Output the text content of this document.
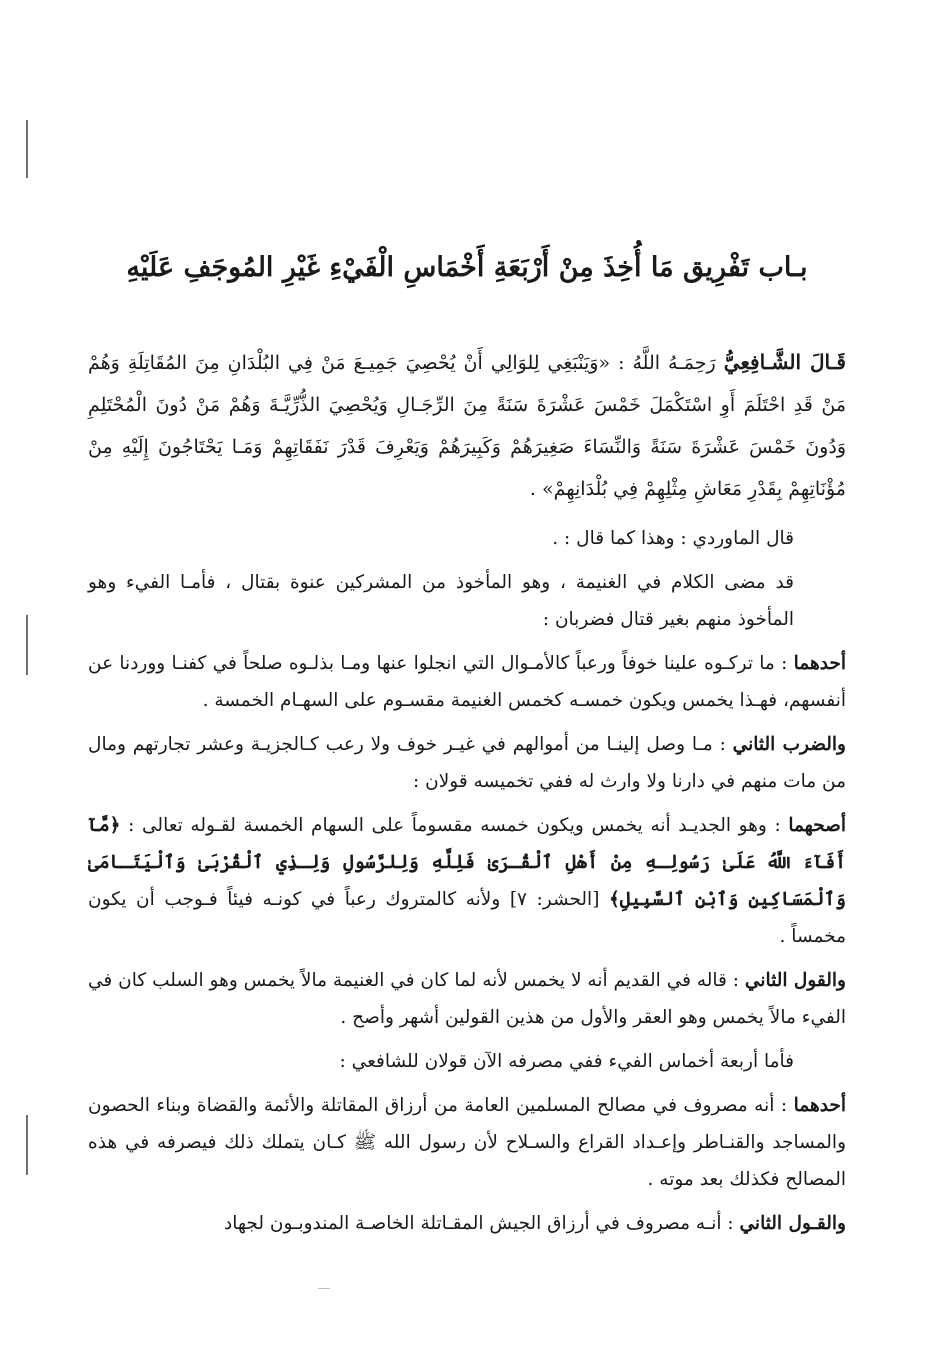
بـاب تَفْرِيق مَا أُخِذَ مِنْ أَرْبَعَةِ أَخْمَاسِ الْفَيْءِ غَيْرِ المُوجَفِ عَلَيْهِ

قَـالَ الشَّـافِعِيُّ رَحِمَـهُ اللَّهُ : «وَيَنْبَغِي لِلوَالِي أَنْ يُحْصِيَ جَمِيـعَ مَنْ فِي البُلْدَانِ مِنَ المُقَاتِلَةِ وَهُمْ مَنْ قَدِ احْتَلَمَ أَوِ اسْتَكْمَلَ خَمْسَ عَشْرَةَ سَنَةً مِنَ الرِّجَـالِ وَيُحْصِيَ الذُّرِّيَّـةَ وَهُمْ مَنْ دُونَ الْمُحْتَلِمِ وَدُونَ خَمْسَ عَشْرَةَ سَنَةً وَالنِّسَاءَ صَغِيرَهُمْ وَكَبِيرَهُمْ وَيَعْرِفَ قَدْرَ نَفَقَاتِهِمْ وَمَـا يَحْتَاجُونَ إِلَيْهِ مِنْ مُؤْنَاتِهِمْ بِقَدْرِ مَعَاشِ مِثْلِهِمْ فِي بُلْدَانِهِمْ» .

قال الماوردي : وهذا كما قال : .

قد مضى الكلام في الغنيمة ، وهو المأخوذ من المشركين عنوة بقتال ، فأمـا الفيء وهو المأخوذ منهم بغير قتال فضربان :

أحدهما : ما تركـوه علينا خوفاً ورعباً كالأمـوال التي انجلوا عنها ومـا بذلـوه صلحاً في كفنـا ووردنا عن أنفسهم، فهـذا يخمس ويكون خمسـه كخمس الغنيمة مقسـوم على السهـام الخمسة .

والضرب الثاني : مـا وصل إلينـا من أموالهم في غيـر خوف ولا رعب كـالجزيـة وعشر تجارتهم ومال من مات منهم في دارنا ولا وارث له ففي تخميسه قولان :

أصحهما : وهو الجديـد أنه يخمس ويكون خمسه مقسوماً على السهام الخمسة لقـوله تعالى : ﴿مَّآ أَفَآءَ اللَّهُ عَلَىٰ رَسُولِـهِ مِنْ أَهْلِ ٱلْقُـرَىٰ فَلِلَّهِ وَلِلرَّسُولِ وَلِـذِي ٱلْقُرْبَىٰ وَٱلْيَتَـامَىٰ وَٱلْمَسَاكِينِ وَٱبْنِ ٱلسَّبِيلِ﴾ [الحشر: ٧] ولأنه كالمتروك رعباً في كونـه فيئاً فـوجب أن يكون مخمساً .

والقول الثاني : قاله في القديم أنه لا يخمس لأنه لما كان في الغنيمة مالاً يخمس وهو السلب كان في الفيء مالاً يخمس وهو العقر والأول من هذين القولين أشهر وأصح .

فأما أربعة أخماس الفيء ففي مصرفه الآن قولان للشافعي :

أحدهما : أنه مصروف في مصالح المسلمين العامة من أرزاق المقاتلة والأئمة والقضاة وبناء الحصون والمساجد والقنـاطر وإعـداد القراع والسـلاح لأن رسول الله ﷺ كـان يتملك ذلك فيصرفه في هذه المصالح فكذلك بعد موته .

والقـول الثاني : أنـه مصروف في أرزاق الجيش المقـاتلة الخاصـة المندوبـون لجهاد
